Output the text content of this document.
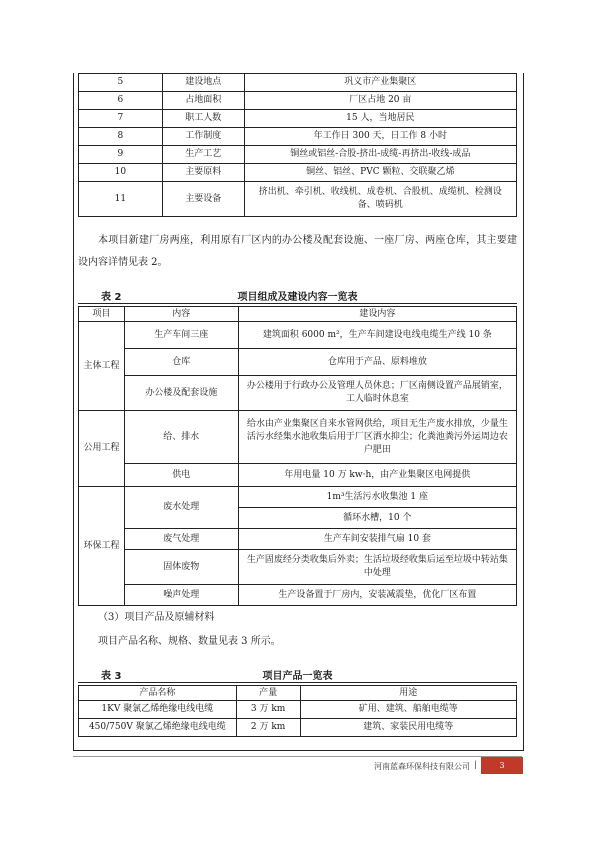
5	建设地点	巩义市产业集聚区
6	占地面积	厂区占地 20 亩
7	职工人数	15 人，当地居民
8	工作制度	年工作日 300 天，日工作 8 小时
9	生产工艺	铜丝或铝丝-合股-挤出-成缆-再挤出-收线-成品
10	主要原料	铜丝、铝丝、PVC 颗粒、交联聚乙烯
11	主要设备	挤出机、牵引机、收线机、成卷机、合股机、成缆机、检测设备、喷码机
本项目新建厂房两座，利用原有厂区内的办公楼及配套设施、一座厂房、两座仓库，其主要建设内容详情见表 2。
项目组成及建设内容一览表
表 2
项目	内容	建设内容
主体工程	生产车间三座	建筑面积 6000 m²，生产车间建设电线电缆生产线 10 条
	仓库	仓库用于产品、原料堆放
	办公楼及配套设施	办公楼用于行政办公及管理人员休息；厂区南侧设置产品展销室，工人临时休息室
公用工程	给、排水	给水由产业集聚区自来水管网供给，项目无生产废水排放，少量生活污水经集水池收集后用于厂区洒水抑尘；化粪池粪污外运周边农户肥田
	供电	年用电量 10 万 kw·h，由产业集聚区电网提供
环保工程	废水处理	1m³生活污水收集池 1 座
		循环水槽，10 个
	废气处理	生产车间安装排气扇 10 套
	固体废物	生产固废经分类收集后外卖；生活垃圾经收集后运至垃圾中转站集中处理
	噪声处理	生产设备置于厂房内，安装减震垫，优化厂区布置
（3）项目产品及原辅材料
项目产品名称、规格、数量见表 3 所示。
项目产品一览表
表 3
产品名称	产量	用途
1KV 聚氯乙烯绝缘电线电缆	3 万 km	矿用、建筑、船舶电缆等
450/750V 聚氯乙烯绝缘电线电缆	2 万 km	建筑、家装民用电缆等
河南蓝森环保科技有限公司 |	3
